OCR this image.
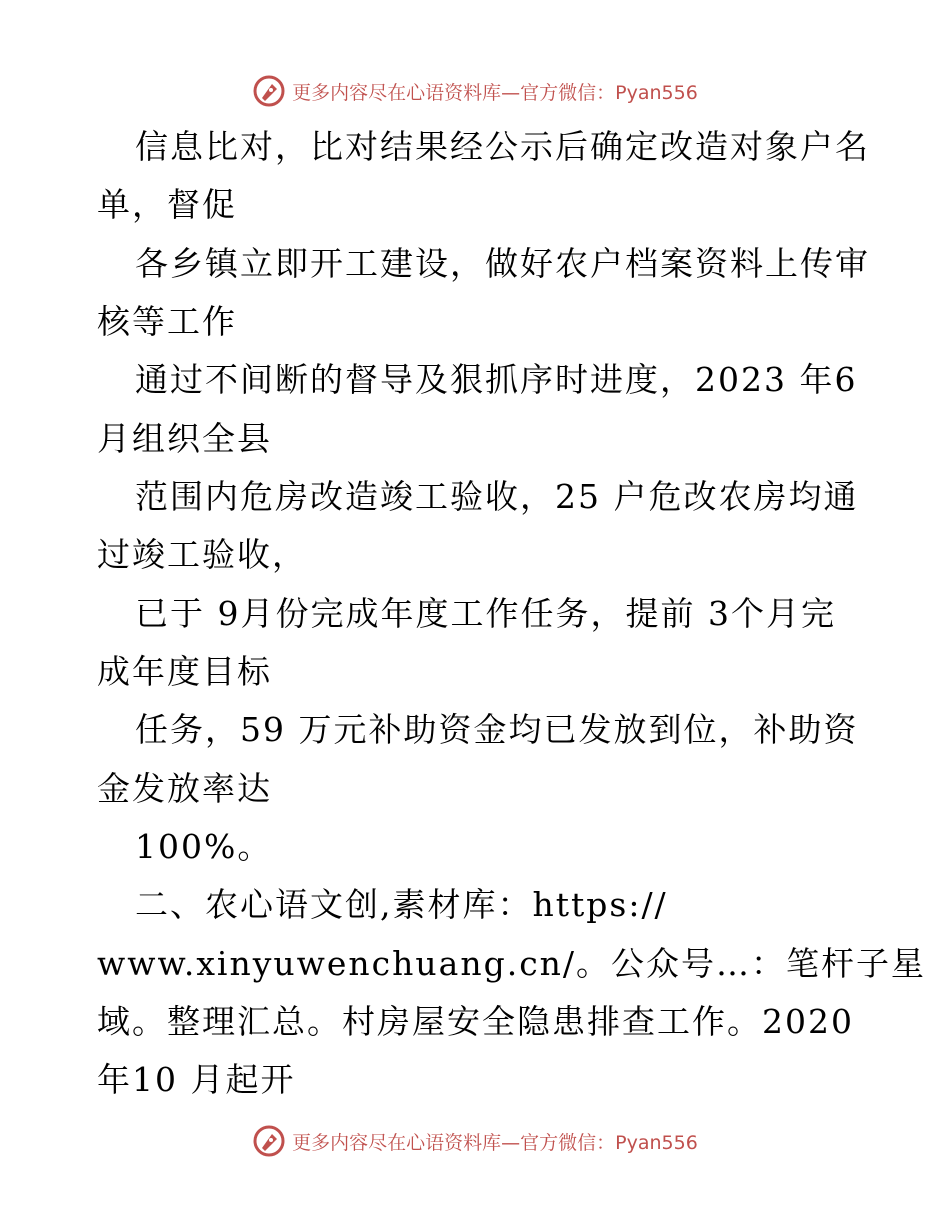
更多内容尽在心语资料库—官方微信：Pyan556
信息比对，比对结果经公示后确定改造对象户名
单，督促
各乡镇立即开工建设，做好农户档案资料上传审
核等工作
通过不间断的督导及狠抓序时进度，2023 年6
月组织全县
范围内危房改造竣工验收，25 户危改农房均通
过竣工验收，
已于 9月份完成年度工作任务，提前 3个月完
成年度目标
任务，59 万元补助资金均已发放到位，补助资
金发放率达
100%。
二、农心语文创,素材库：https://
www.xinyuwenchuang.cn/。公众号…：笔杆子星
域。整理汇总。村房屋安全隐患排查工作。2020
年10 月起开
更多内容尽在心语资料库—官方微信：Pyan556
